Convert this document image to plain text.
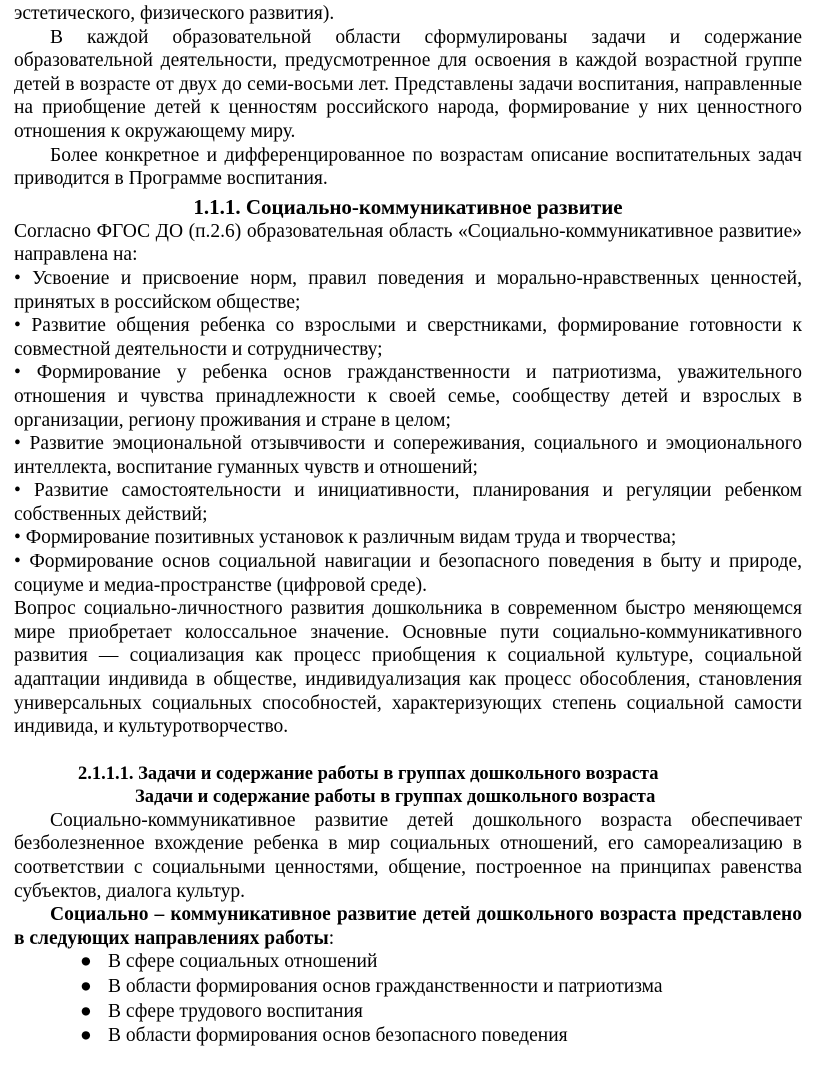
эстетического, физического развития).

В каждой образовательной области сформулированы задачи и содержание образовательной деятельности, предусмотренное для освоения в каждой возрастной группе детей в возрасте от двух до семи-восьми лет. Представлены задачи воспитания, направленные на приобщение детей к ценностям российского народа, формирование у них ценностного отношения к окружающему миру.

Более конкретное и дифференцированное по возрастам описание воспитательных задач приводится в Программе воспитания.

1.1.1. Социально-коммуникативное развитие

Согласно ФГОС ДО (п.2.6) образовательная область «Социально-коммуникативное развитие» направлена на:

• Усвоение и присвоение норм, правил поведения и морально-нравственных ценностей, принятых в российском обществе;

• Развитие общения ребенка со взрослыми и сверстниками, формирование готовности к совместной деятельности и сотрудничеству;

• Формирование у ребенка основ гражданственности и патриотизма, уважительного отношения и чувства принадлежности к своей семье, сообществу детей и взрослых в организации, региону проживания и стране в целом;

• Развитие эмоциональной отзывчивости и сопереживания, социального и эмоционального интеллекта, воспитание гуманных чувств и отношений;

• Развитие самостоятельности и инициативности, планирования и регуляции ребенком собственных действий;

• Формирование позитивных установок к различным видам труда и творчества;

• Формирование основ социальной навигации и безопасного поведения в быту и природе, социуме и медиа-пространстве (цифровой среде).

Вопрос социально-личностного развития дошкольника в современном быстро меняющемся мире приобретает колоссальное значение. Основные пути социально-коммуникативного развития — социализация как процесс приобщения к социальной культуре, социальной адаптации индивида в обществе, индивидуализация как процесс обособления, становления универсальных социальных способностей, характеризующих степень социальной самости индивида, и культуротворчество.

2.1.1.1. Задачи и содержание работы в группах дошкольного возраста

Задачи и содержание работы в группах дошкольного возраста

Социально-коммуникативное развитие детей дошкольного возраста обеспечивает безболезненное вхождение ребенка в мир социальных отношений, его самореализацию в соответствии с социальными ценностями, общение, построенное на принципах равенства субъектов, диалога культур.

Социально – коммуникативное развитие детей дошкольного возраста представлено в следующих направлениях работы:

● В сфере социальных отношений
● В области формирования основ гражданственности и патриотизма
● В сфере трудового воспитания
● В области формирования основ безопасного поведения
